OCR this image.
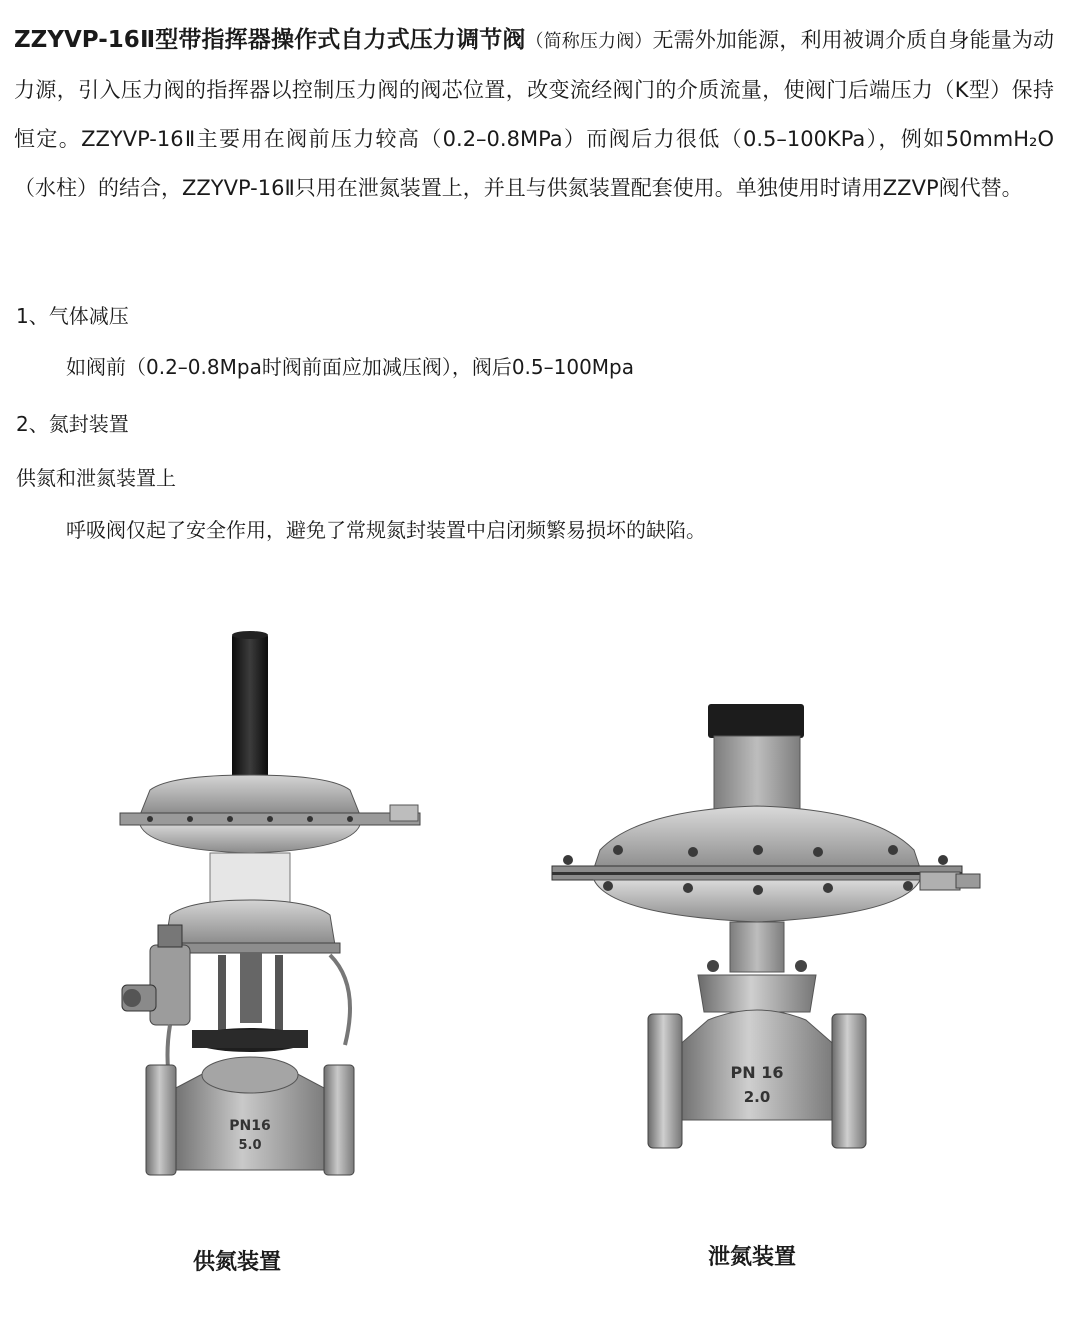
ZZYVP-16Ⅱ型带指挥器操作式自力式压力调节阀（简称压力阀）无需外加能源，利用被调介质自身能量为动力源，引入压力阀的指挥器以控制压力阀的阀芯位置，改变流经阀门的介质流量，使阀门后端压力（K型）保持恒定。ZZYVP-16Ⅱ主要用在阀前压力较高（0.2–0.8MPa）而阀后力很低（0.5–100KPa），例如50mmH₂O（水柱）的结合，ZZYVP-16Ⅱ只用在泄氮装置上，并且与供氮装置配套使用。单独使用时请用ZZVP阀代替。
1、气体减压
如阀前（0.2–0.8Mpa时阀前面应加减压阀），阀后0.5–100Mpa
2、氮封装置
供氮和泄氮装置上
呼吸阀仅起了安全作用，避免了常规氮封装置中启闭频繁易损坏的缺陷。
PN16
5.0
供氮装置
PN 16
2.0
泄氮装置
